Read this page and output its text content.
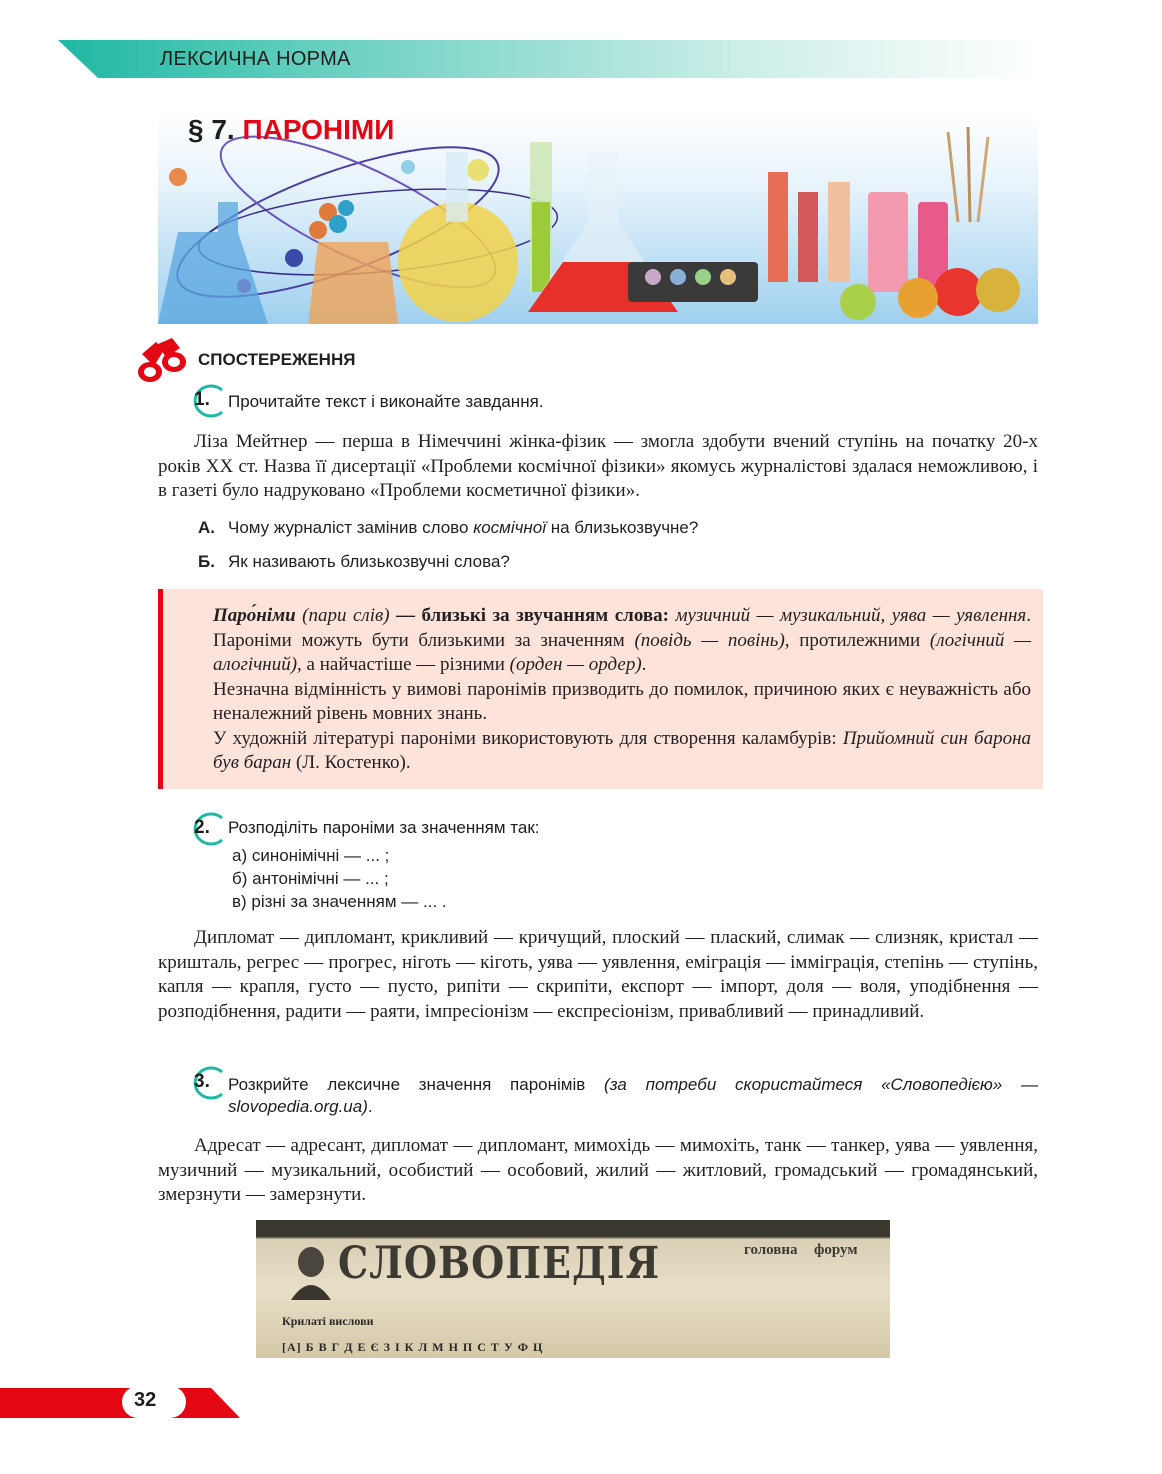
ЛЕКСИЧНА НОРМА
§ 7. ПАРОНІМИ
СПОСТЕРЕЖЕННЯ
1. Прочитайте текст і виконайте завдання.

Ліза Мейтнер — перша в Німеччині жінка-фізик — змогла здобути вчений ступінь на початку 20-х років XX ст. Назва її дисертації «Проблеми космічної фізики» якомусь журналістові здалася неможливою, і в газеті було надруковано «Проблеми косметичної фізики».

А. Чому журналіст замінив слово космічної на близькозвучне?
Б. Як називають близькозвучні слова?

Паро́німи (пари слів) — близькі за звучанням слова: музичний — музикальний, уява — уявлення. Пароніми можуть бути близькими за значенням (повідь — повінь), протилежними (логічний — алогічний), а найчастіше — різними (орден — ордер).

Незначна відмінність у вимові паронімів призводить до помилок, причиною яких є неуважність або неналежний рівень мовних знань.

У художній літературі пароніми використовують для створення каламбурів: Прийомний син барона був баран (Л. Костенко).

2. Розподіліть пароніми за значенням так:
а) синонімічні — ... ;
б) антонімічні — ... ;
в) різні за значенням — ... .

Дипломат — дипломант, крикливий — кричущий, плоский — плаский, слимак — слизняк, кристал — кришталь, регрес — прогрес, ніготь — кіготь, уява — уявлення, еміграція — імміграція, степінь — ступінь, капля — крапля, густо — пусто, рипіти — скрипіти, експорт — імпорт, доля — воля, уподібнення — розподібнення, радити — раяти, імпресіонізм — експресіонізм, привабливий — принадливий.

3. Розкрийте лексичне значення паронімів (за потреби скористайтеся «Словопедією» — slovopedia.org.ua).

Адресат — адресант, дипломат — дипломант, мимохідь — мимохіть, танк — танкер, уява — уявлення, музичний — музикальний, особистий — особовий, жилий — житловий, громадський — громадянський, змерзнути — замерзнути.

СЛОВОПЕДІЯ	головна форум
Крилаті вислови
[А] Б В Г Д Е Є З І К Л М Н П С Т У Ф Ц
32
